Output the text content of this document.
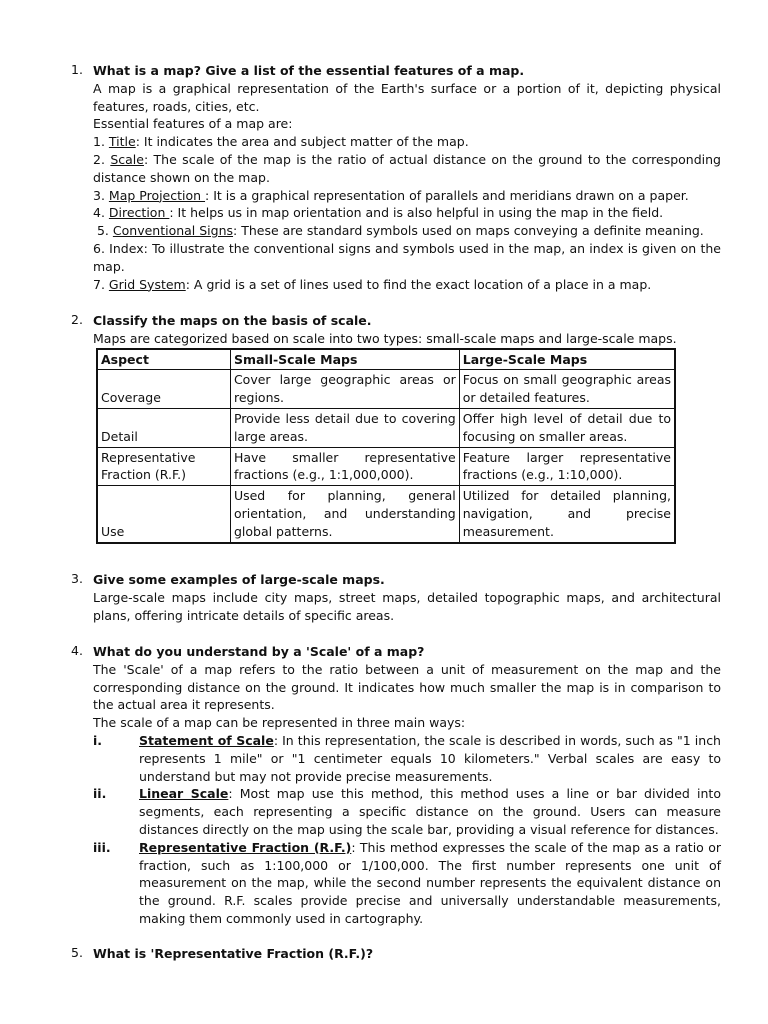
1. What is a map? Give a list of the essential features of a map.

A map is a graphical representation of the Earth's surface or a portion of it, depicting physical features, roads, cities, etc.

Essential features of a map are:

1. Title: It indicates the area and subject matter of the map.

2. Scale: The scale of the map is the ratio of actual distance on the ground to the corresponding distance shown on the map.

3. Map Projection : It is a graphical representation of parallels and meridians drawn on a paper.

4. Direction : It helps us in map orientation and is also helpful in using the map in the field.

5. Conventional Signs: These are standard symbols used on maps conveying a definite meaning.

6. Index: To illustrate the conventional signs and symbols used in the map, an index is given on the map.

7. Grid System: A grid is a set of lines used to find the exact location of a place in a map.

2. Classify the maps on the basis of scale.

Maps are categorized based on scale into two types: small-scale maps and large-scale maps.

Aspect	Small-Scale Maps	Large-Scale Maps
Coverage	Cover large geographic areas or regions.	Focus on small geographic areas or detailed features.
Detail	Provide less detail due to covering large areas.	Offer high level of detail due to focusing on smaller areas.
Representative Fraction (R.F.)	Have smaller representative fractions (e.g., 1:1,000,000).	Feature larger representative fractions (e.g., 1:10,000).
Use	Used for planning, general orientation, and understanding global patterns.	Utilized for detailed planning, navigation, and precise measurement.
3. Give some examples of large-scale maps.

Large-scale maps include city maps, street maps, detailed topographic maps, and architectural plans, offering intricate details of specific areas.

4. What do you understand by a 'Scale' of a map?

The 'Scale' of a map refers to the ratio between a unit of measurement on the map and the corresponding distance on the ground. It indicates how much smaller the map is in comparison to the actual area it represents.

The scale of a map can be represented in three main ways:

i.	Statement of Scale: In this representation, the scale is described in words, such as "1 inch represents 1 mile" or "1 centimeter equals 10 kilometers." Verbal scales are easy to understand but may not provide precise measurements.
ii.	Linear Scale: Most map use this method, this method uses a line or bar divided into segments, each representing a specific distance on the ground. Users can measure distances directly on the map using the scale bar, providing a visual reference for distances.
iii. Representative Fraction (R.F.): This method expresses the scale of the map as a ratio or fraction, such as 1:100,000 or 1/100,000. The first number represents one unit of measurement on the map, while the second number represents the equivalent distance on the ground. R.F. scales provide precise and universally understandable measurements, making them commonly used in cartography.
5. What is 'Representative Fraction (R.F.)?
